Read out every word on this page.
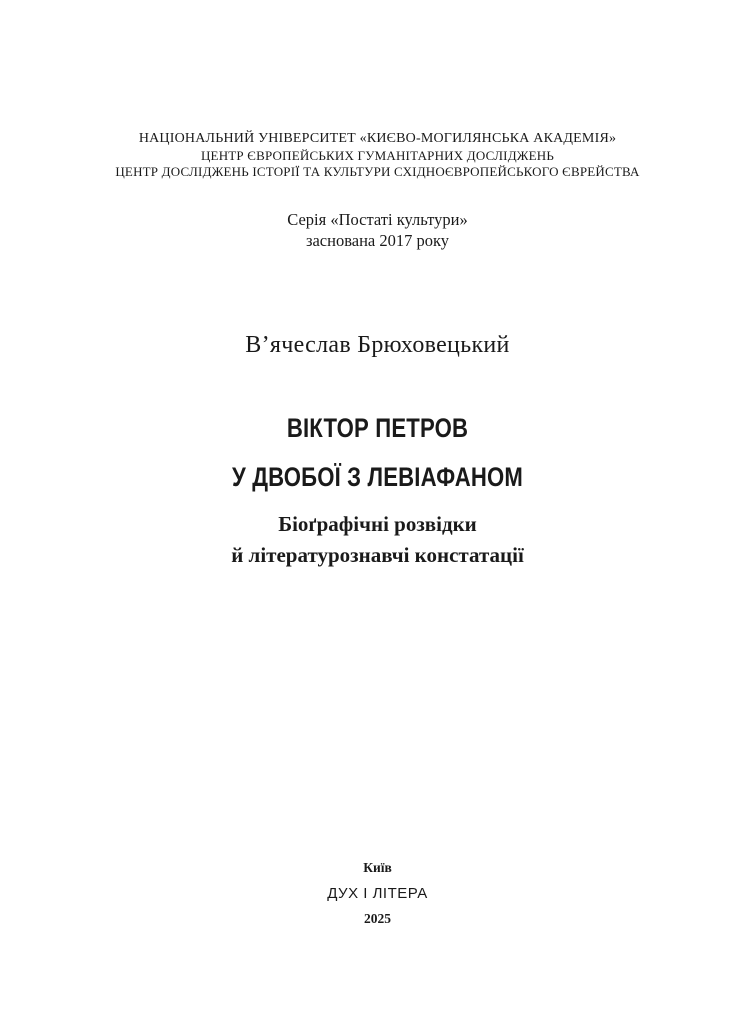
НАЦІОНАЛЬНИЙ УНІВЕРСИТЕТ «КИЄВО-МОГИЛЯНСЬКА АКАДЕМІЯ»

ЦЕНТР ЄВРОПЕЙСЬКИХ ГУМАНІТАРНИХ ДОСЛІДЖЕНЬ

ЦЕНТР ДОСЛІДЖЕНЬ ІСТОРІЇ ТА КУЛЬТУРИ СХІДНОЄВРОПЕЙСЬКОГО ЄВРЕЙСТВА

Серія «Постаті культури»

заснована 2017 року

В’ячеслав Брюховецький

ВІКТОР ПЕТРОВ
У ДВОБОЇ З ЛЕВІАФАНОМ
Біоґрафічні розвідки
й літературознавчі констатації

Київ

ДУХ І ЛІТЕРА

2025
